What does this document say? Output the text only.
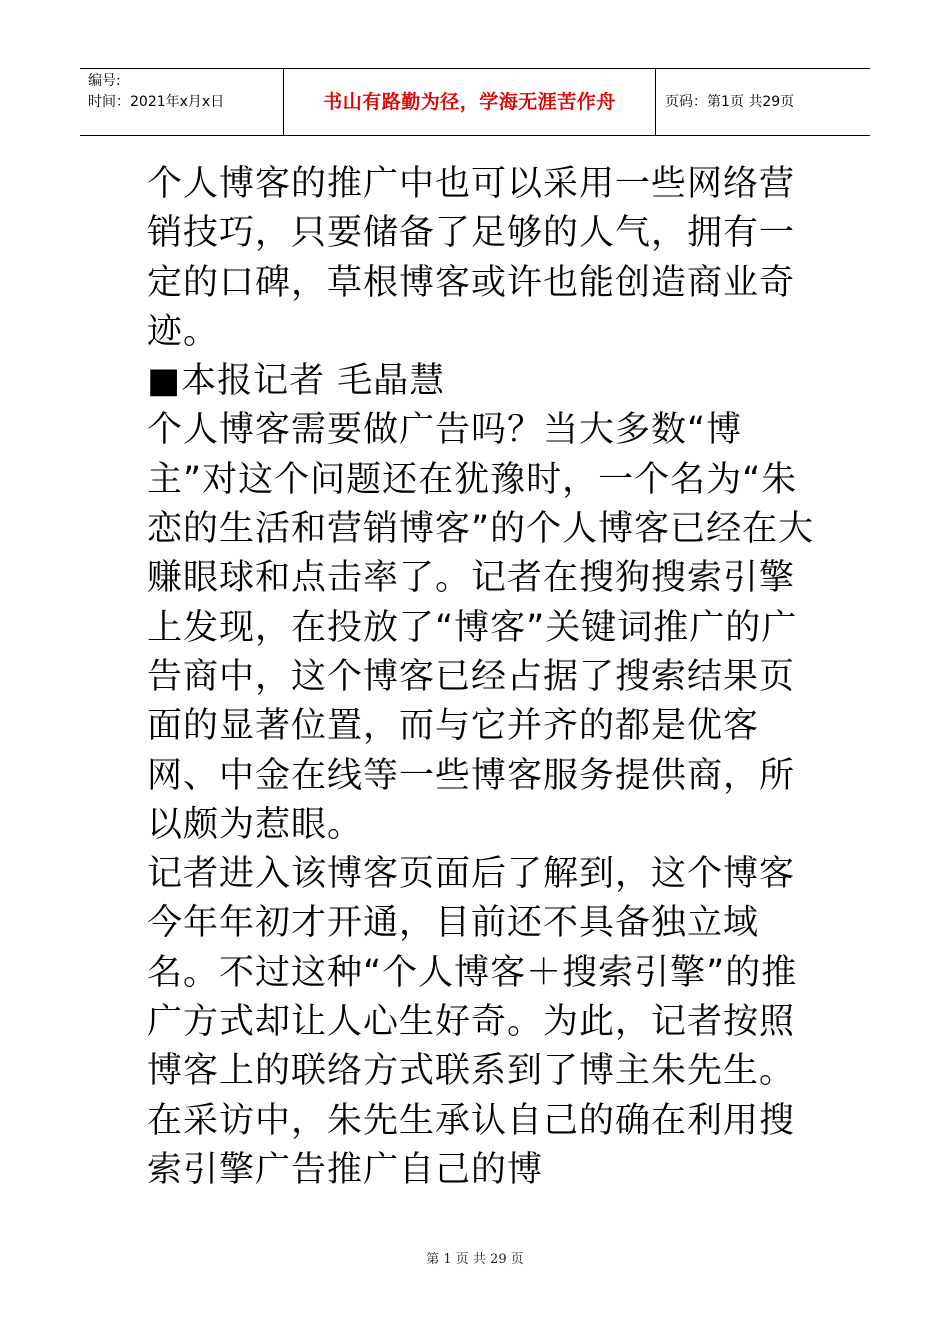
编号:
时间：2021年x月x日	书山有路勤为径，学海无涯苦作舟	页码：第1页 共29页

个人博客的推广中也可以采用一些网络营销技巧，只要储备了足够的人气，拥有一定的口碑，草根博客或许也能创造商业奇迹。

■本报记者 毛晶慧

个人博客需要做广告吗？当大多数“博主”对这个问题还在犹豫时，一个名为“朱恋的生活和营销博客”的个人博客已经在大赚眼球和点击率了。记者在搜狗搜索引擎上发现，在投放了“博客”关键词推广的广告商中，这个博客已经占据了搜索结果页面的显著位置，而与它并齐的都是优客网、中金在线等一些博客服务提供商，所以颇为惹眼。

记者进入该博客页面后了解到，这个博客今年年初才开通，目前还不具备独立域名。不过这种“个人博客＋搜索引擎”的推广方式却让人心生好奇。为此，记者按照博客上的联络方式联系到了博主朱先生。在采访中，朱先生承认自己的确在利用搜索引擎广告推广自己的博

第 1 页 共 29 页
